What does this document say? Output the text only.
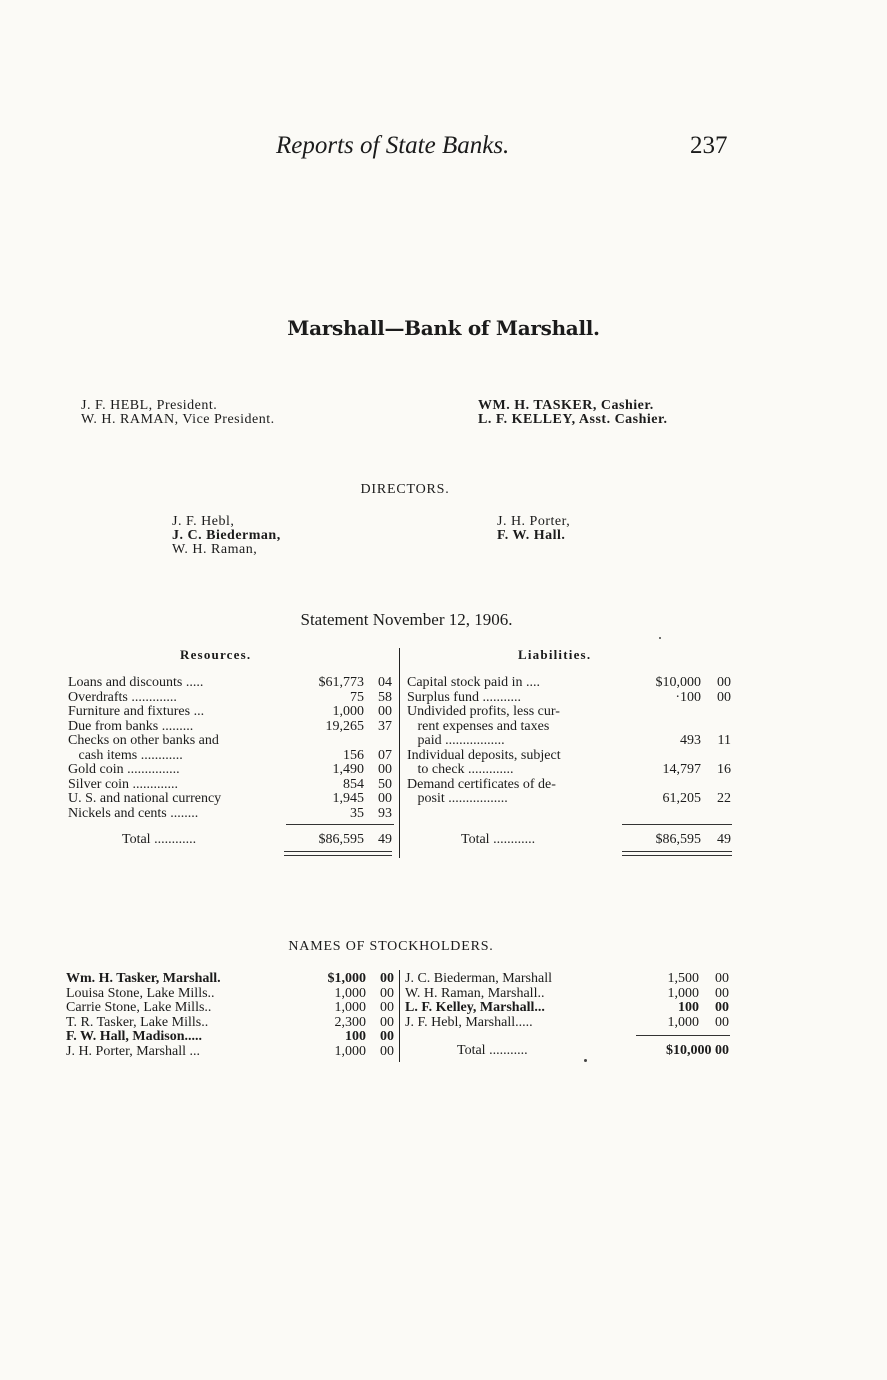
Reports of State Banks.	237
Marshall—Bank of Marshall.
J. F. HEBL, President.
W. H. RAMAN, Vice President.
WM. H. TASKER, Cashier.
L. F. KELLEY, Asst. Cashier.
DIRECTORS.
J. F. Hebl,
J. C. Biederman,
W. H. Raman,
J. H. Porter,
F. W. Hall.
Statement November 12, 1906.
Resources.	Liabilities.
Loans and discounts .....	$61,773 04
Overdrafts .............	75 58
Furniture and fixtures ...	1,000 00
Due from banks .........	19,265 37
Checks on other banks and
cash items ............	156 07
Gold coin ...............	1,490 00
Silver coin .............	854 50
U. S. and national currency	1,945 00
Nickels and cents ........	35 93
Total ............	$86,595 49
Capital stock paid in ....	$10,000 00
Surplus fund ...........	·100 00
Undivided profits, less cur-
rent expenses and taxes
paid .................	493 11
Individual deposits, subject
to check .............	14,797 16
Demand certificates of de-
posit .................	61,205 22
Total ............	$86,595 49
NAMES OF STOCKHOLDERS.
Wm. H. Tasker, Marshall.	$1,000 00
Louisa Stone, Lake Mills..	1,000 00
Carrie Stone, Lake Mills..	1,000 00
T. R. Tasker, Lake Mills..	2,300 00
F. W. Hall, Madison.....	100 00
J. H. Porter, Marshall ...	1,000 00
J. C. Biederman, Marshall	1,500 00
W. H. Raman, Marshall..	1,000 00
L. F. Kelley, Marshall...	100 00
J. F. Hebl, Marshall.....	1,000 00
Total ...........	$10,000 00
